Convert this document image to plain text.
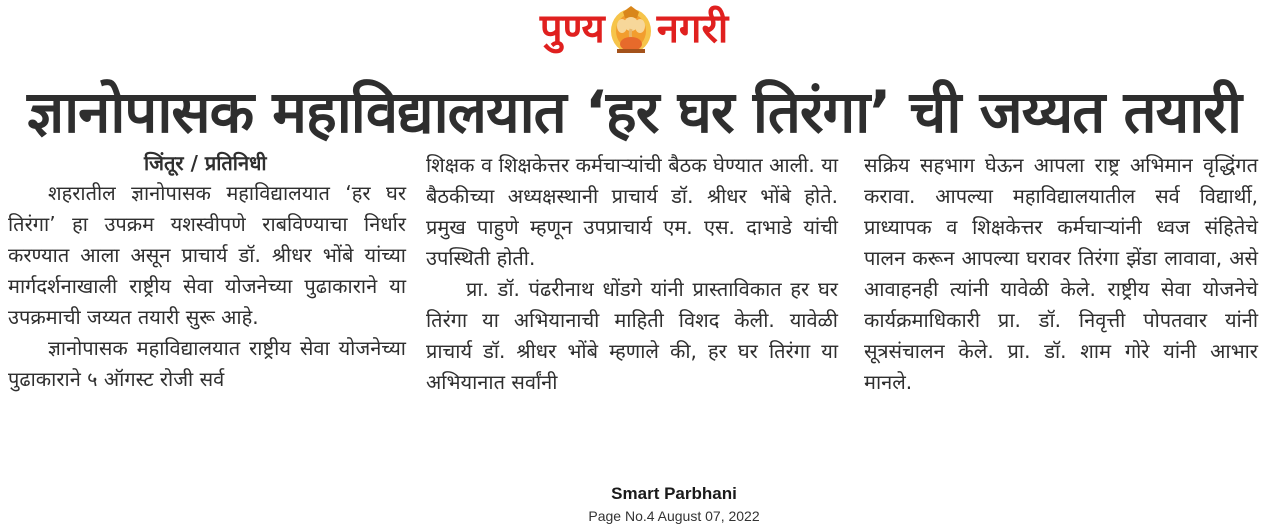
पुण्य नगरी
ज्ञानोपासक महाविद्यालयात ‘हर घर तिरंगा’ ची जय्यत तयारी
जिंतूर / प्रतिनिधी

शहरातील ज्ञानोपासक महाविद्यालयात ‘हर घर तिरंगा’ हा उपक्रम यशस्वीपणे राबविण्याचा निर्धार करण्यात आला असून प्राचार्य डॉ. श्रीधर भोंबे यांच्या मार्गदर्शनाखाली राष्ट्रीय सेवा योजनेच्या पुढाकाराने या उपक्रमाची जय्यत तयारी सुरू आहे.

ज्ञानोपासक महाविद्यालयात राष्ट्रीय सेवा योजनेच्या पुढाकाराने ५ ऑगस्ट रोजी सर्व

शिक्षक व शिक्षकेत्तर कर्मचाऱ्यांची बैठक घेण्यात आली. या बैठकीच्या अध्यक्षस्थानी प्राचार्य डॉ. श्रीधर भोंबे होते. प्रमुख पाहुणे म्हणून उपप्राचार्य एम. एस. दाभाडे यांची उपस्थिती होती.

प्रा. डॉ. पंढरीनाथ धोंडगे यांनी प्रास्ताविकात हर घर तिरंगा या अभियानाची माहिती विशद केली. यावेळी प्राचार्य डॉ. श्रीधर भोंबे म्हणाले की, हर घर तिरंगा या अभियानात सर्वांनी

सक्रिय सहभाग घेऊन आपला राष्ट्र अभिमान वृद्धिंगत करावा. आपल्या महाविद्यालयातील सर्व विद्यार्थी, प्राध्यापक व शिक्षकेत्तर कर्मचाऱ्यांनी ध्वज संहितेचे पालन करून आपल्या घरावर तिरंगा झेंडा लावावा, असे आवाहनही त्यांनी यावेळी केले. राष्ट्रीय सेवा योजनेचे कार्यक्रमाधिकारी प्रा. डॉ. निवृत्ती पोपतवार यांनी सूत्रसंचालन केले. प्रा. डॉ. शाम गोरे यांनी आभार मानले.

Smart Parbhani
Page No.4 August 07, 2022
